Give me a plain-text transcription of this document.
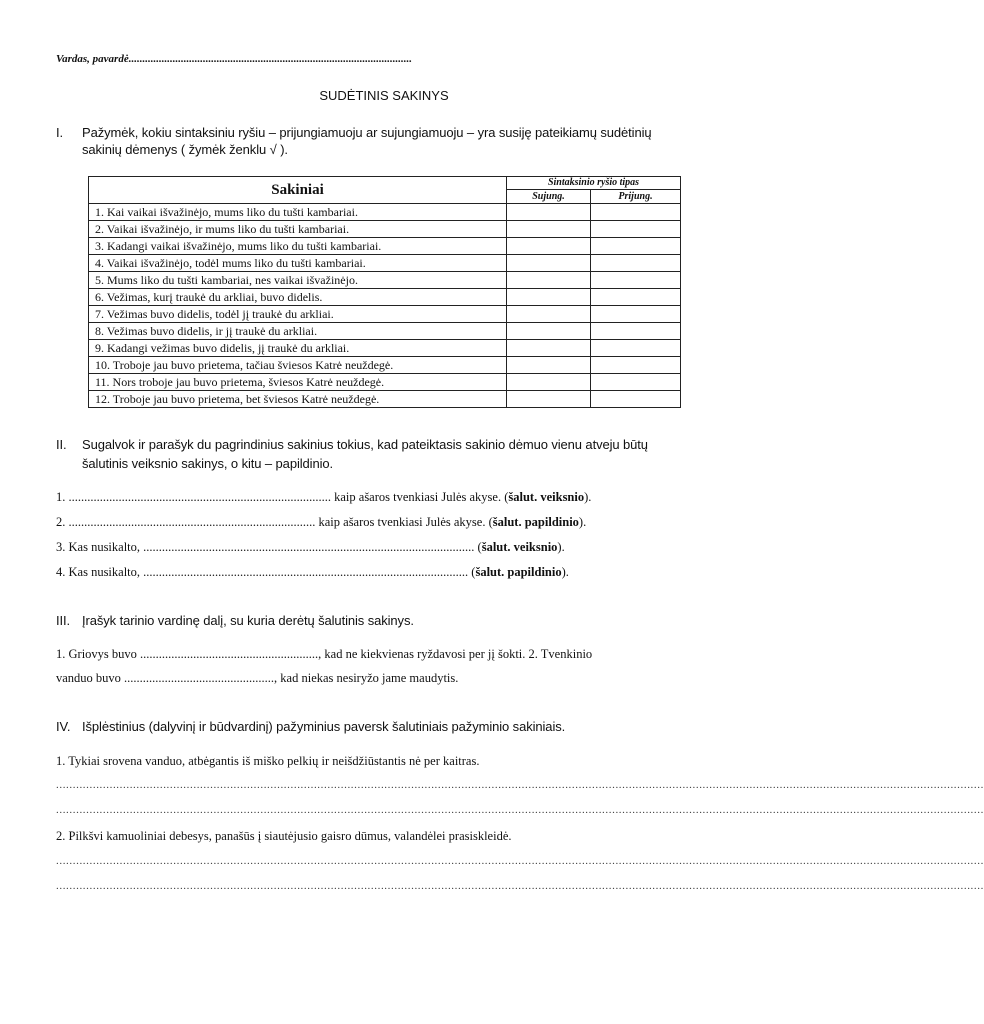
Vardas, pavardė.......................................................................................................
SUDĖTINIS SAKINYS
I. Pažymėk, kokiu sintaksiniu ryšiu – prijungiamuoju ar sujungiamuoju – yra susiję pateikiamų sudėtinių
sakinių dėmenys ( žymėk ženklu √ ).
Sakiniai	Sintaksinio ryšio tipas	
	Sujung.	Prijung.
1. Kai vaikai išvažinėjo, mums liko du tušti kambariai.		
2. Vaikai išvažinėjo, ir mums liko du tušti kambariai.		
3. Kadangi vaikai išvažinėjo, mums liko du tušti kambariai.		
4. Vaikai išvažinėjo, todėl mums liko du tušti kambariai.		
5. Mums liko du tušti kambariai, nes vaikai išvažinėjo.		
6. Vežimas, kurį traukė du arkliai, buvo didelis.		
7. Vežimas buvo didelis, todėl jį traukė du arkliai.		
8. Vežimas buvo didelis, ir jį traukė du arkliai.		
9. Kadangi vežimas buvo didelis, jį traukė du arkliai.		
10. Troboje jau buvo prietema, tačiau šviesos Katrė neuždegė.		
11. Nors troboje jau buvo prietema, šviesos Katrė neuždegė.		
12. Troboje jau buvo prietema, bet šviesos Katrė neuždegė.		
II. Sugalvok ir parašyk du pagrindinius sakinius tokius, kad pateiktasis sakinio dėmuo vienu atveju būtų
šalutinis veiksnio sakinys, o kitu – papildinio.
1. .................................................................................... kaip ašaros tvenkiasi Julės akyse. (šalut. veiksnio).
2. ............................................................................... kaip ašaros tvenkiasi Julės akyse. (šalut. papildinio).
3. Kas nusikalto, .......................................................................................................... (šalut. veiksnio).
4. Kas nusikalto, ........................................................................................................ (šalut. papildinio).
III. Įrašyk tarinio vardinę dalį, su kuria derėtų šalutinis sakinys.
1. Griovys buvo ........................................................., kad ne kiekvienas ryždavosi per jį šokti. 2. Tvenkinio
vanduo buvo ................................................, kad niekas nesiryžo jame maudytis.
IV. Išplėstinius (dalyvinį ir būdvardinį) pažyminius paversk šalutiniais pažyminio sakiniais.
1. Tykiai srovena vanduo, atbėgantis iš miško pelkių ir neišdžiūstantis nė per kaitras.
.....................................................................................................................................................................................................................................................................................
.....................................................................................................................................................................................................................................................................................
2. Pilkšvi kamuoliniai debesys, panašūs į siautėjusio gaisro dūmus, valandėlei prasiskleidė.
.....................................................................................................................................................................................................................................................................................
.....................................................................................................................................................................................................................................................................................
